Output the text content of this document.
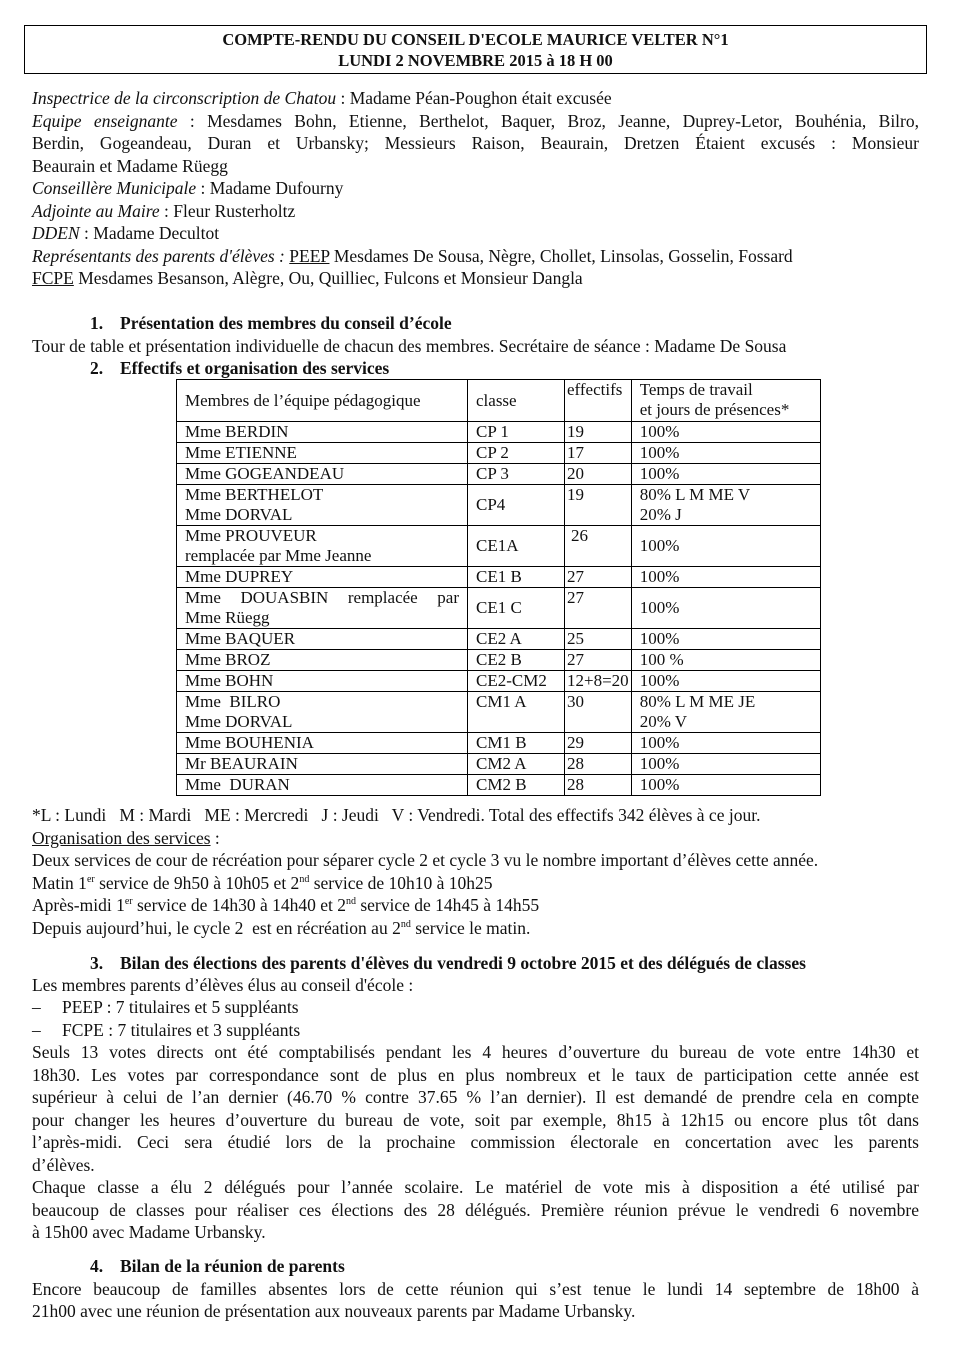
COMPTE-RENDU DU CONSEIL D'ECOLE MAURICE VELTER N°1
LUNDI 2 NOVEMBRE 2015 à 18 H 00
Inspectrice de la circonscription de Chatou : Madame Péan-Poughon était excusée
Equipe enseignante : Mesdames Bohn, Etienne, Berthelot, Baquer, Broz, Jeanne, Duprey-Letor, Bouhénia, Bilro,
Berdin, Gogeandeau, Duran et Urbansky; Messieurs Raison, Beaurain, Dretzen Étaient excusés : Monsieur
Beaurain et Madame Rüegg
Conseillère Municipale : Madame Dufourny
Adjointe au Maire : Fleur Rusterholtz
DDEN : Madame Decultot
Représentants des parents d'élèves : PEEP Mesdames De Sousa, Nègre, Chollet, Linsolas, Gosselin, Fossard
FCPE Mesdames Besanson, Alègre, Ou, Quilliec, Fulcons et Monsieur Dangla
1. Présentation des membres du conseil d’école
Tour de table et présentation individuelle de chacun des membres. Secrétaire de séance : Madame De Sousa
2. Effectifs et organisation des services
Membres de l’équipe pédagogique	classe	effectifs	Temps de travail
et jours de présences*

Mme BERDIN	CP 1	19	100%
Mme ETIENNE	CP 2	17	100%
Mme GOGEANDEAU	CP 3	20	100%

Mme BERTHELOT
Mme DORVAL
	CP4	19	80% L M ME V
20% J

Mme PROUVEUR
remplacée par Mme Jeanne	CE1A	26	100%
Mme DUPREY	CE1 B	27	100%

Mme DOUASBIN remplacée par
Mme Rüegg	CE1 C	27	100%
Mme BAQUER	CE2 A	25	100%
Mme BROZ	CE2 B	27	100 %
Mme BOHN	CE2-CM2	12+8=20	100%

Mme  BILRO
Mme DORVAL
	CM1 A	30	80% L M ME JE
20% V

Mme BOUHENIA	CM1 B	29	100%
Mr BEAURAIN	CM2 A	28	100%
Mme  DURAN	CM2 B	28	100%
*L : Lundi   M : Mardi   ME : Mercredi   J : Jeudi   V : Vendredi. Total des effectifs 342 élèves à ce jour.
Organisation des services :
Deux services de cour de récréation pour séparer cycle 2 et cycle 3 vu le nombre important d’élèves cette année.
Matin 1er service de 9h50 à 10h05 et 2nd service de 10h10 à 10h25
Après-midi 1er service de 14h30 à 14h40 et 2nd service de 14h45 à 14h55
Depuis aujourd’hui, le cycle 2  est en récréation au 2nd service le matin.
3. Bilan des élections des parents d'élèves du vendredi 9 octobre 2015 et des délégués de classes
Les membres parents d’élèves élus au conseil d'école :
– PEEP : 7 titulaires et 5 suppléants
– FCPE : 7 titulaires et 3 suppléants
Seuls 13 votes directs ont été comptabilisés pendant les 4 heures d’ouverture du bureau de vote entre 14h30 et
18h30. Les votes par correspondance sont de plus en plus nombreux et le taux de participation cette année est
supérieur à celui de l’an dernier (46.70 % contre 37.65 % l’an dernier). Il est demandé de prendre cela en compte
pour changer les heures d’ouverture du bureau de vote, soit par exemple, 8h15 à 12h15 ou encore plus tôt dans
l’après-midi. Ceci sera étudié lors de la prochaine commission électorale en concertation avec les parents
d’élèves.
Chaque classe a élu 2 délégués pour l’année scolaire. Le matériel de vote mis à disposition a été utilisé par
beaucoup de classes pour réaliser ces élections des 28 délégués. Première réunion prévue le vendredi 6 novembre
à 15h00 avec Madame Urbansky.
4. Bilan de la réunion de parents
Encore beaucoup de familles absentes lors de cette réunion qui s’est tenue le lundi 14 septembre de 18h00 à
21h00 avec une réunion de présentation aux nouveaux parents par Madame Urbansky.
